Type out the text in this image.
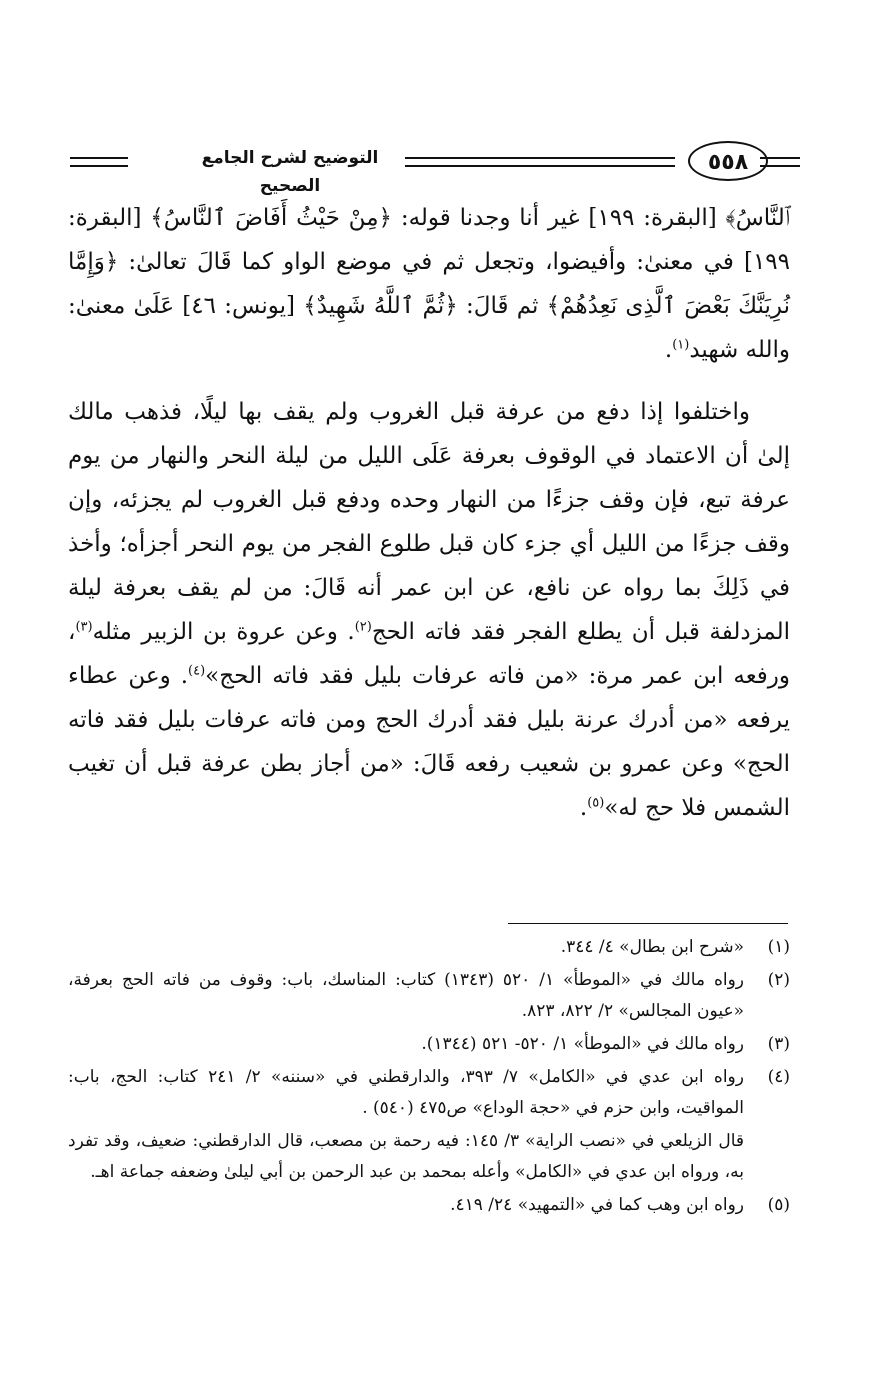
التوضيح لشرح الجامع الصحيح
٥٥٨

ﭐلنَّاسُ﴾ [البقرة: ١٩٩] غير أنا وجدنا قوله: ﴿مِنْ حَيْثُ أَفَاضَ ٱلنَّاسُ﴾ [البقرة: ١٩٩] في معنىٰ: وأفيضوا، وتجعل ثم في موضع الواو كما قَالَ تعالىٰ: ﴿وَإِمَّا نُرِيَنَّكَ بَعْضَ ٱلَّذِى نَعِدُهُمْ﴾ ثم قَالَ: ﴿ثُمَّ ٱللَّهُ شَهِيدٌ﴾ [يونس: ٤٦] عَلَىٰ معنىٰ: والله شهيد$^{(١)}$.

واختلفوا إذا دفع من عرفة قبل الغروب ولم يقف بها ليلًا، فذهب مالك إلىٰ أن الاعتماد في الوقوف بعرفة عَلَى الليل من ليلة النحر والنهار من يوم عرفة تبع، فإن وقف جزءًا من النهار وحده ودفع قبل الغروب لم يجزئه، وإن وقف جزءًا من الليل أي جزء كان قبل طلوع الفجر من يوم النحر أجزأه؛ وأخذ في ذَلِكَ بما رواه عن نافع، عن ابن عمر أنه قَالَ: من لم يقف بعرفة ليلة المزدلفة قبل أن يطلع الفجر فقد فاته الحج$^{(٢)}$. وعن عروة بن الزبير مثله$^{(٣)}$، ورفعه ابن عمر مرة: «من فاته عرفات بليل فقد فاته الحج»$^{(٤)}$. وعن عطاء يرفعه «من أدرك عرنة بليل فقد أدرك الحج ومن فاته عرفات بليل فقد فاته الحج» وعن عمرو بن شعيب رفعه قَالَ: «من أجاز بطن عرفة قبل أن تغيب الشمس فلا حج له»$^{(٥)}$.

(١)
«شرح ابن بطال» ٤/ ٣٤٤.
(٢)
رواه مالك في «الموطأ» ١/ ٥٢٠ (١٣٤٣) كتاب: المناسك، باب: وقوف من فاته الحج بعرفة، «عيون المجالس» ٢/ ٨٢٢، ٨٢٣.
(٣)
رواه مالك في «الموطأ» ١/ ٥٢٠- ٥٢١ (١٣٤٤).
(٤)
رواه ابن عدي في «الكامل» ٧/ ٣٩٣، والدارقطني في «سننه» ٢/ ٢٤١ كتاب: الحج، باب: المواقيت، وابن حزم في «حجة الوداع» ص٤٧٥ (٥٤٠) .
قال الزيلعي في «نصب الراية» ٣/ ١٤٥: فيه رحمة بن مصعب، قال الدارقطني: ضعيف، وقد تفرد به، ورواه ابن عدي في «الكامل» وأعله بمحمد بن عبد الرحمن بن أبي ليلىٰ وضعفه جماعة اهـ.
(٥)
رواه ابن وهب كما في «التمهيد» ٢٤/ ٤١٩.
